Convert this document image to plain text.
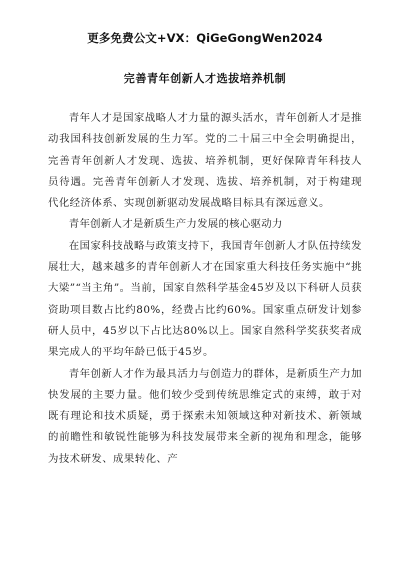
更多免费公文+VX：QiGeGongWen2024
完善青年创新人才选拔培养机制

青年人才是国家战略人才力量的源头活水，青年创新人才是推动我国科技创新发展的生力军。党的二十届三中全会明确提出，完善青年创新人才发现、选拔、培养机制，更好保障青年科技人员待遇。完善青年创新人才发现、选拔、培养机制，对于构建现代化经济体系、实现创新驱动发展战略目标具有深远意义。

青年创新人才是新质生产力发展的核心驱动力

在国家科技战略与政策支持下，我国青年创新人才队伍持续发展壮大，越来越多的青年创新人才在国家重大科技任务实施中“挑大梁”“当主角”。当前，国家自然科学基金45岁及以下科研人员获资助项目数占比约80%，经费占比约60%。国家重点研发计划参研人员中，45岁以下占比达80%以上。国家自然科学奖获奖者成果完成人的平均年龄已低于45岁。

青年创新人才作为最具活力与创造力的群体，是新质生产力加快发展的主要力量。他们较少受到传统思维定式的束缚，敢于对既有理论和技术质疑，勇于探索未知领域这种对新技术、新领域的前瞻性和敏锐性能够为科技发展带来全新的视角和理念，能够为技术研发、成果转化、产
